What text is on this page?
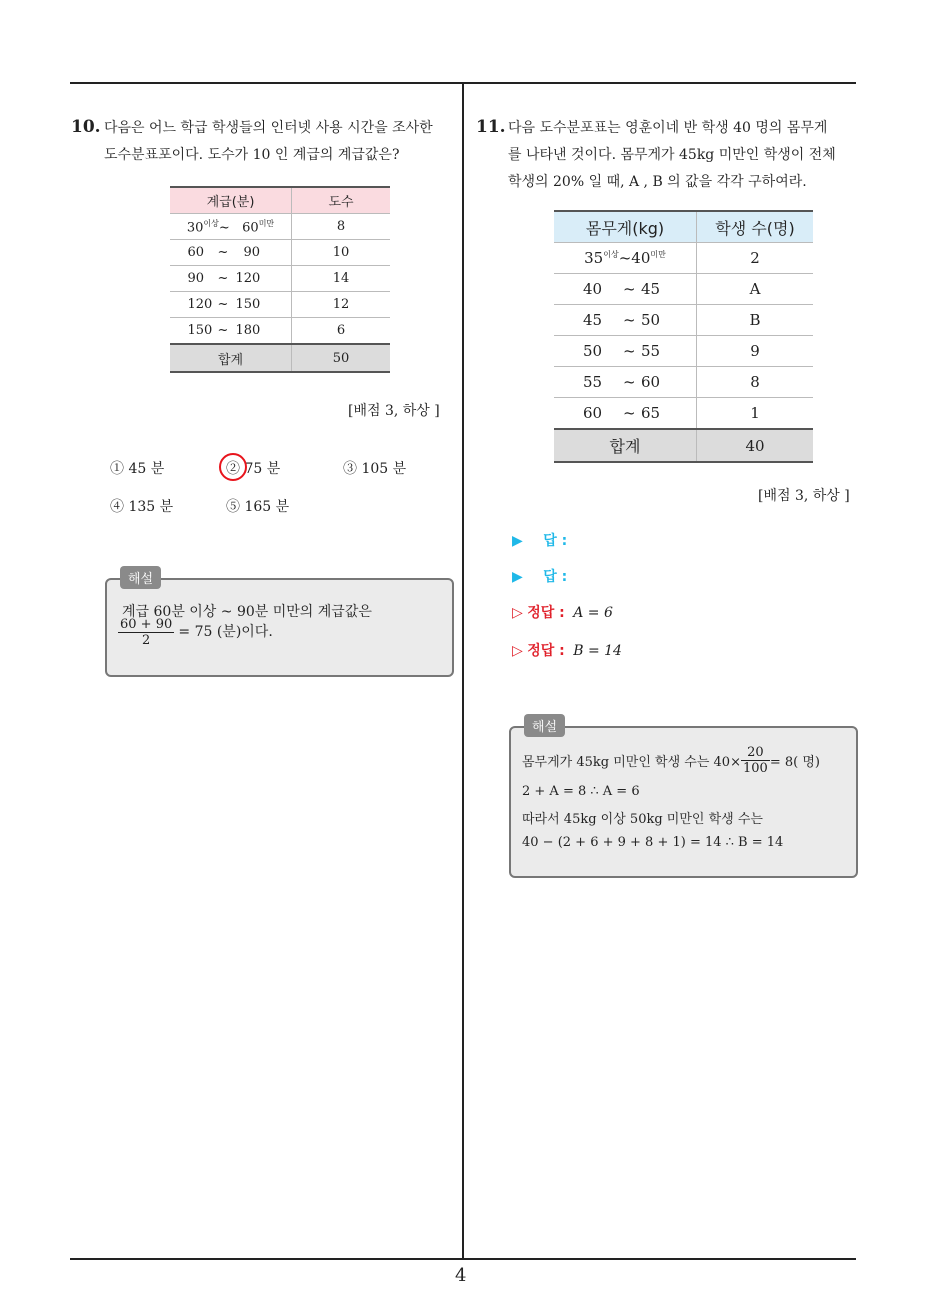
4
10. 다음은 어느 학급 학생들의 인터넷 사용 시간을 조사한
도수분표포이다. 도수가 10 인 계급의 계급값은?
계급(분)	도수
$30^{이상}\sim$ $60^{미만}$	8
60 ~ 90	10
90 ~ 120	14
120 ~ 150	12
150 ~ 180	6
합계	50
[배점 3, 하상 ]
① 45 분	② 75 분	③ 105 분
④ 135 분	⑤ 165 분
해설
계급 60분 이상 ~ 90분 미만의 계급값은
$\frac{60 + 90}{2} = 75$ (분)이다.
11. 다음 도수분포표는 영훈이네 반 학생 40 명의 몸무게
를 나타낸 것이다. 몸무게가 45kg 미만인 학생이 전체
학생의 20% 일 때, A , B 의 값을 각각 구하여라.
몸무게(kg)	학생 수(명)
$35^{이상}\sim 40^{미만}$	2
40 ~ 45	A
45 ~ 50	B
50 ~ 55	9
55 ~ 60	8
60 ~ 65	1
합계	40
[배점 3, 하상 ]
▶ 답 :
▶ 답 :
▷ 정답 : A = 6
▷ 정답 : B = 14
해설
몸무게가 45kg 미만인 학생 수는 $40\times \frac{20}{100} = 8$( 명)
2 + A = 8 ∴ A = 6
따라서 45kg 이상 50kg 미만인 학생 수는
40 − (2 + 6 + 9 + 8 + 1) = 14 ∴ B = 14
